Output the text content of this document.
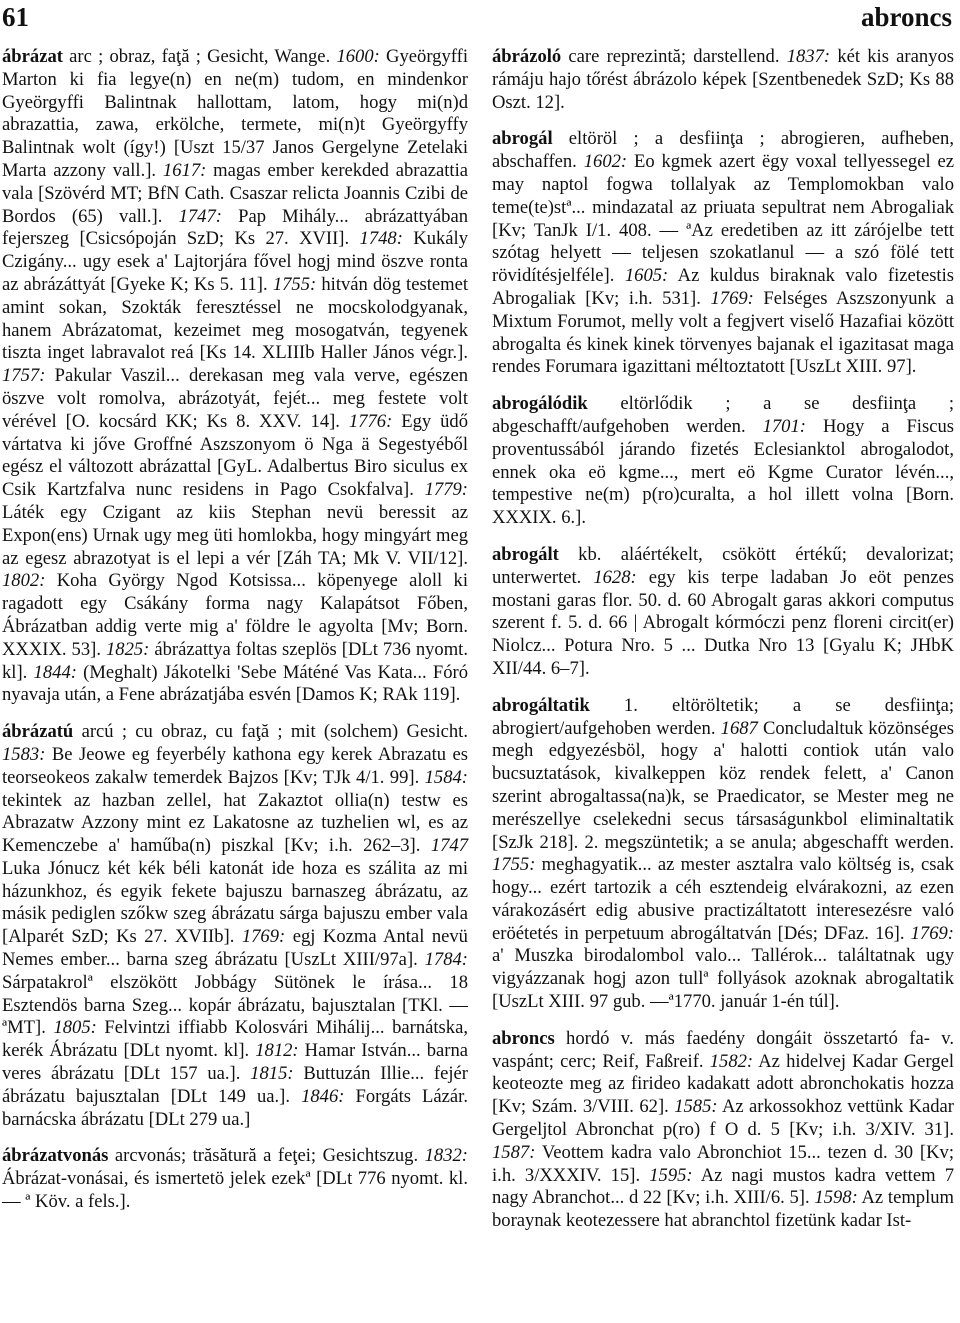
61	abroncs

ábrázat arc ; obraz, faţă ; Gesicht, Wange. 1600: Gyeörgyffi Marton ki fia legye(n) en ne(m) tudom, en mindenkor Gyeörgyffi Balintnak hallottam, latom, hogy mi(n)d abrazattia, zawa, erkölche, termete, mi(n)t Gyeörgyffy Balintnak wolt (így!) [Uszt 15/37 Janos Gergelyne Zetelaki Marta azzony vall.]. 1617: magas ember kerekded abrazattia vala [Szövérd MT; BfN Cath. Csaszar relicta Joannis Czibi de Bordos (65) vall.]. 1747: Pap Mihály... abrázattyában fejerszeg [Csicsópoján SzD; Ks 27. XVII]. 1748: Kukály Czigány... ugy esek a' Lajtorjára fővel hogj mind öszve ronta az abrázáttyát [Gyeke K; Ks 5. 11]. 1755: hitván dög testemet amint sokan, Szokták feresztéssel ne mocskolodgyanak, hanem Abrázatomat, kezeimet meg mosogatván, tegyenek tiszta inget labravalot reá [Ks 14. XLIIIb Haller János végr.]. 1757: Pakular Vaszil... derekasan meg vala verve, egészen öszve volt romolva, abrázotyát, fejét... meg festete volt vérével [O. kocsárd KK; Ks 8. XXV. 14]. 1776: Egy üdő vártatva ki jőve Groffné Aszszonyom ö Nga ä Segestyéből egész el változott abrázattal [GyL. Adalbertus Biro siculus ex Csik Kartzfalva nunc residens in Pago Csokfalva]. 1779: Láték egy Czigant az kiis Stephan nevü beressit az Expon(ens) Urnak ugy meg üti homlokba, hogy mingyárt meg az egesz abrazotyat is el lepi a vér [Záh TA; Mk V. VII/12]. 1802: Koha György Ngod Kotsissa... köpenyege aloll ki ragadott egy Csákány forma nagy Kalapátsot Főben, Ábrázatban addig verte mig a' földre le agyolta [Mv; Born. XXXIX. 53]. 1825: ábrázattya foltas szeplös [DLt 736 nyomt. kl]. 1844: (Meghalt) Jákotelki 'Sebe Máténé Vas Kata... Fóró nyavaja után, a Fene abrázatjába esvén [Damos K; RAk 119].

ábrázatú arcú ; cu obraz, cu faţă ; mit (solchem) Gesicht. 1583: Be Jeowe eg feyerbély kathona egy kerek Abrazatu es teorseokeos zakalw temerdek Bajzos [Kv; TJk 4/1. 99]. 1584: tekintek az hazban zellel, hat Zakaztot ollia(n) testw es Abrazatw Azzony mint ez Lakatosne az tuzhelien wl, es az Kemenczebe a' haműba(n) piszkal [Kv; i.h. 262–3]. 1747 Luka Jónucz két kék béli katonát ide hoza es szálita az mi házunkhoz, és egyik fekete bajuszu barnaszeg ábrázatu, az másik pediglen szőkw szeg ábrázatu sárga bajuszu ember vala [Alparét SzD; Ks 27. XVIIb]. 1769: egj Kozma Antal nevü Nemes ember... barna szeg ábrázatu [UszLt XIII/97a]. 1784: Sárpatakrolª elszökött Jobbágy Sütönek le írása... 18 Esztendös barna Szeg... kopár ábrázatu, bajusztalan [TKl. —ªMT]. 1805: Felvintzi iffiabb Kolosvári Mihálij... barnátska, kerék Ábrázatu [DLt nyomt. kl]. 1812: Hamar István... barna veres ábrázatu [DLt 157 ua.]. 1815: Buttuzán Illie... fejér ábrázatu bajusztalan [DLt 149 ua.]. 1846: Forgáts Lázár. barnácska ábrázatu [DLt 279 ua.]

ábrázatvonás arcvonás; trăsătură a feţei; Gesichtszug. 1832: Ábrázat-vonásai, és ismertetö jelek ezekª [DLt 776 nyomt. kl. — ª Köv. a fels.].

ábrázoló care reprezintă; darstellend. 1837: két kis aranyos rámáju hajo tőrést ábrázolo képek [Szentbenedek SzD; Ks 88 Oszt. 12].

abrogál eltöröl ; a desfiinţa ; abrogieren, aufheben, abschaffen. 1602: Eo kgmek azert ëgy voxal tellyessegel ez may naptol fogwa tollalyak az Templomokban valo teme(te)stª... mindazatal az priuata sepultrat nem Abrogaliak [Kv; TanJk I/1. 408. — ªAz eredetiben az itt zárójelbe tett szótag helyett — teljesen szokatlanul — a szó fölé tett rövidítésjelféle]. 1605: Az kuldus biraknak valo fizetestis Abrogaliak [Kv; i.h. 531]. 1769: Felséges Aszszonyunk a Mixtum Forumot, melly volt a fegjvert viselő Hazafiai között abrogalta és kinek kinek törvenyes bajanak el igazitasat maga rendes Forumara igazittani méltoztatott [UszLt XIII. 97].

abrogálódik eltörlődik ; a se desfiinţa ; abgeschafft/aufgehoben werden. 1701: Hogy a Fiscus proventussából járando fizetés Eclesianktol abrogalodot, ennek oka eö kgme..., mert eö Kgme Curator lévén..., tempestive ne(m) p(ro)curalta, a hol illett volna [Born. XXXIX. 6.].

abrogált kb. aláértékelt, csökött értékű; devalorizat; unterwertet. 1628: egy kis terpe ladaban Jo eöt penzes mostani garas flor. 50. d. 60 Abrogalt garas akkori computus szerent f. 5. d. 66 | Abrogalt kórmóczi penz floreni circit(er) Niolcz... Potura Nro. 5 ... Dutka Nro 13 [Gyalu K; JHbK XII/44. 6–7].

abrogáltatik 1. eltöröltetik; a se desfiinţa; abrogiert/aufgehoben werden. 1687 Concludaltuk közönséges megh edgyezésböl, hogy a' halotti contiok után valo bucsuztatások, kivalkeppen köz rendek felett, a' Canon szerint abrogaltassa(na)k, se Praedicator, se Mester meg ne merészellye cselekedni secus társaságunkbol eliminaltatik [SzJk 218]. 2. megszüntetik; a se anula; abgeschafft werden. 1755: meghagyatik... az mester asztalra valo költség is, csak hogy... ezért tartozik a céh esztendeig elvárakozni, az ezen várakozásért edig abusive practizáltatott interesezésre való eröétetés in perpetuum abrogáltatván [Dés; DFaz. 16]. 1769: a' Muszka birodalombol valo... Tallérok... találtatnak ugy vigyázzanak hogj azon tullª follyások azoknak abrogaltatik [UszLt XIII. 97 gub. —ª1770. január 1-én túl].

abroncs hordó v. más faedény dongáit összetartó fa- v. vaspánt; cerc; Reif, Faßreif. 1582: Az hidelvej Kadar Gergel keoteozte meg az firideo kadakatt adott abronchokatis hozza [Kv; Szám. 3/VIII. 62]. 1585: Az arkossokhoz vettünk Kadar Gergeljtol Abronchat p(ro) f O d. 5 [Kv; i.h. 3/XIV. 31]. 1587: Veottem kadra valo Abronchiot 15... tezen d. 30 [Kv; i.h. 3/XXXIV. 15]. 1595: Az nagi mustos kadra vettem 7 nagy Abranchot... d 22 [Kv; i.h. XIII/6. 5]. 1598: Az templum boraynak keotezessere hat abranchtol fizetünk kadar Ist-
